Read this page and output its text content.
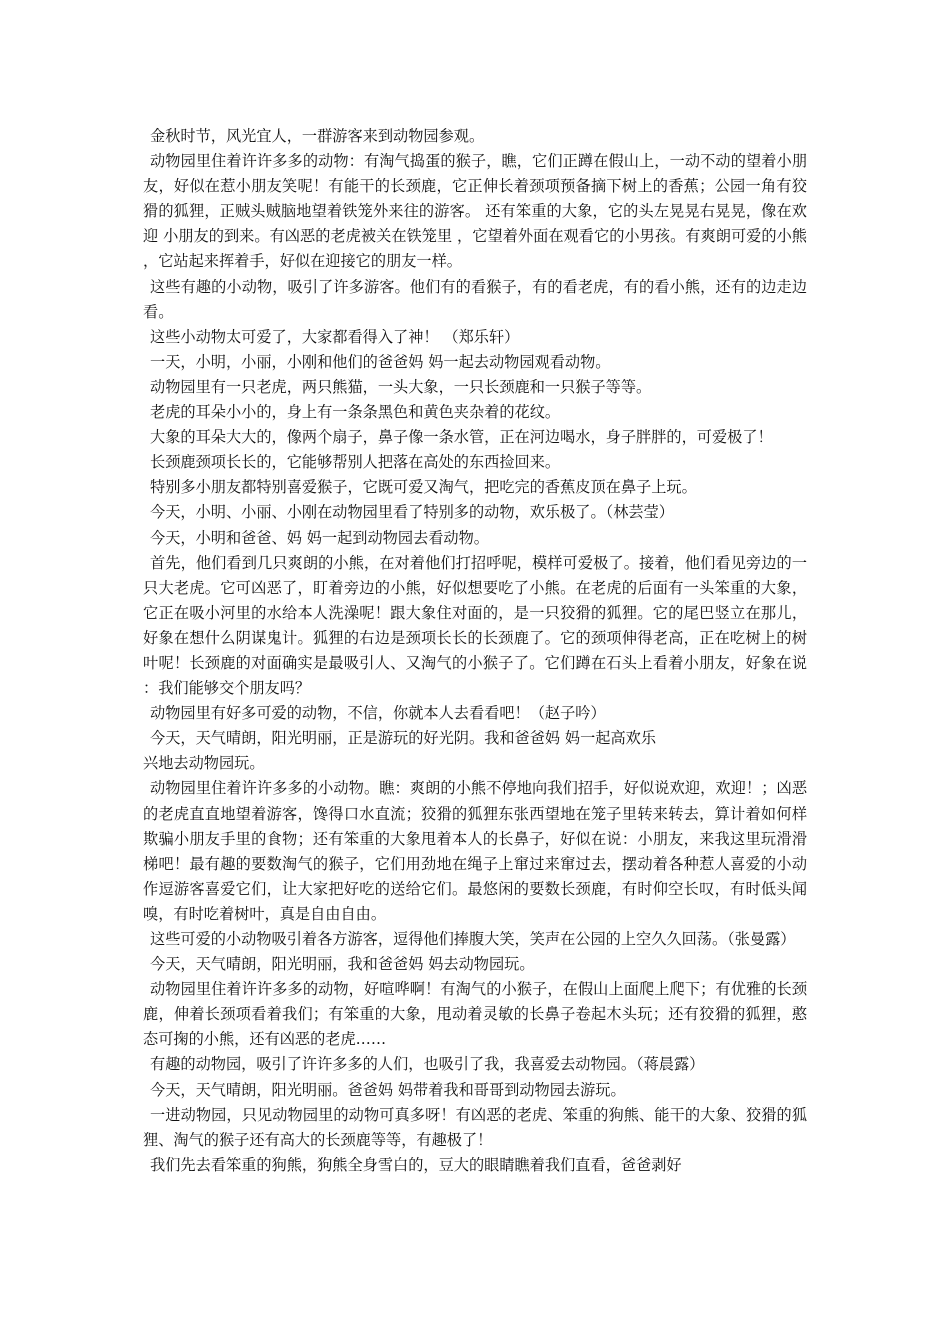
金秋时节，风光宜人，一群游客来到动物园参观。

动物园里住着许许多多的动物：有淘气捣蛋的猴子，瞧，它们正蹲在假山上，一动不动的望着小朋友，好似在惹小朋友笑呢！有能干的长颈鹿，它正伸长着颈项预备摘下树上的香蕉；公园一角有狡猾的狐狸，正贼头贼脑地望着铁笼外来往的游客。 还有笨重的大象，它的头左晃晃右晃晃，像在欢迎 小朋友的到来。有凶恶的老虎被关在铁笼里 ，它望着外面在观看它的小男孩。有爽朗可爱的小熊，它站起来挥着手，好似在迎接它的朋友一样。

这些有趣的小动物，吸引了许多游客。他们有的看猴子，有的看老虎，有的看小熊，还有的边走边看。

这些小动物太可爱了，大家都看得入了神！ （郑乐轩）

一天，小明，小丽，小刚和他们的爸爸妈 妈一起去动物园观看动物。

动物园里有一只老虎，两只熊猫，一头大象，一只长颈鹿和一只猴子等等。

老虎的耳朵小小的，身上有一条条黑色和黄色夹杂着的花纹。

大象的耳朵大大的，像两个扇子，鼻子像一条水管，正在河边喝水，身子胖胖的，可爱极了！

长颈鹿颈项长长的，它能够帮别人把落在高处的东西捡回来。

特别多小朋友都特别喜爱猴子，它既可爱又淘气，把吃完的香蕉皮顶在鼻子上玩。

今天，小明、小丽、小刚在动物园里看了特别多的动物，欢乐极了。（林芸莹）

今天，小明和爸爸、妈 妈一起到动物园去看动物。

首先，他们看到几只爽朗的小熊，在对着他们打招呼呢，模样可爱极了。接着，他们看见旁边的一只大老虎。它可凶恶了，盯着旁边的小熊，好似想要吃了小熊。在老虎的后面有一头笨重的大象，它正在吸小河里的水给本人洗澡呢！跟大象住对面的，是一只狡猾的狐狸。它的尾巴竖立在那儿，好象在想什么阴谋鬼计。狐狸的右边是颈项长长的长颈鹿了。它的颈项伸得老高，正在吃树上的树叶呢！长颈鹿的对面确实是最吸引人、又淘气的小猴子了。它们蹲在石头上看着小朋友，好象在说：我们能够交个朋友吗？

动物园里有好多可爱的动物，不信，你就本人去看看吧！（赵子吟）

今天，天气晴朗，阳光明丽，正是游玩的好光阴。我和爸爸妈 妈一起高欢乐

兴地去动物园玩。

动物园里住着许许多多的小动物。瞧：爽朗的小熊不停地向我们招手，好似说欢迎，欢迎！；凶恶的老虎直直地望着游客，馋得口水直流；狡猾的狐狸东张西望地在笼子里转来转去，算计着如何样欺骗小朋友手里的食物；还有笨重的大象甩着本人的长鼻子，好似在说：小朋友，来我这里玩滑滑梯吧！最有趣的要数淘气的猴子，它们用劲地在绳子上窜过来窜过去，摆动着各种惹人喜爱的小动作逗游客喜爱它们，让大家把好吃的送给它们。最悠闲的要数长颈鹿，有时仰空长叹，有时低头闻嗅，有时吃着树叶，真是自由自由。

这些可爱的小动物吸引着各方游客，逗得他们捧腹大笑，笑声在公园的上空久久回荡。（张曼露）

今天，天气晴朗，阳光明丽，我和爸爸妈 妈去动物园玩。

动物园里住着许许多多的动物，好喧哗啊！有淘气的小猴子，在假山上面爬上爬下；有优雅的长颈鹿，伸着长颈项看着我们；有笨重的大象，甩动着灵敏的长鼻子卷起木头玩；还有狡猾的狐狸，憨态可掬的小熊，还有凶恶的老虎……

有趣的动物园，吸引了许许多多的人们，也吸引了我，我喜爱去动物园。（蒋晨露）

今天，天气晴朗，阳光明丽。爸爸妈 妈带着我和哥哥到动物园去游玩。

一进动物园，只见动物园里的动物可真多呀！有凶恶的老虎、笨重的狗熊、能干的大象、狡猾的狐狸、淘气的猴子还有高大的长颈鹿等等，有趣极了！

我们先去看笨重的狗熊，狗熊全身雪白的，豆大的眼睛瞧着我们直看，爸爸剥好
